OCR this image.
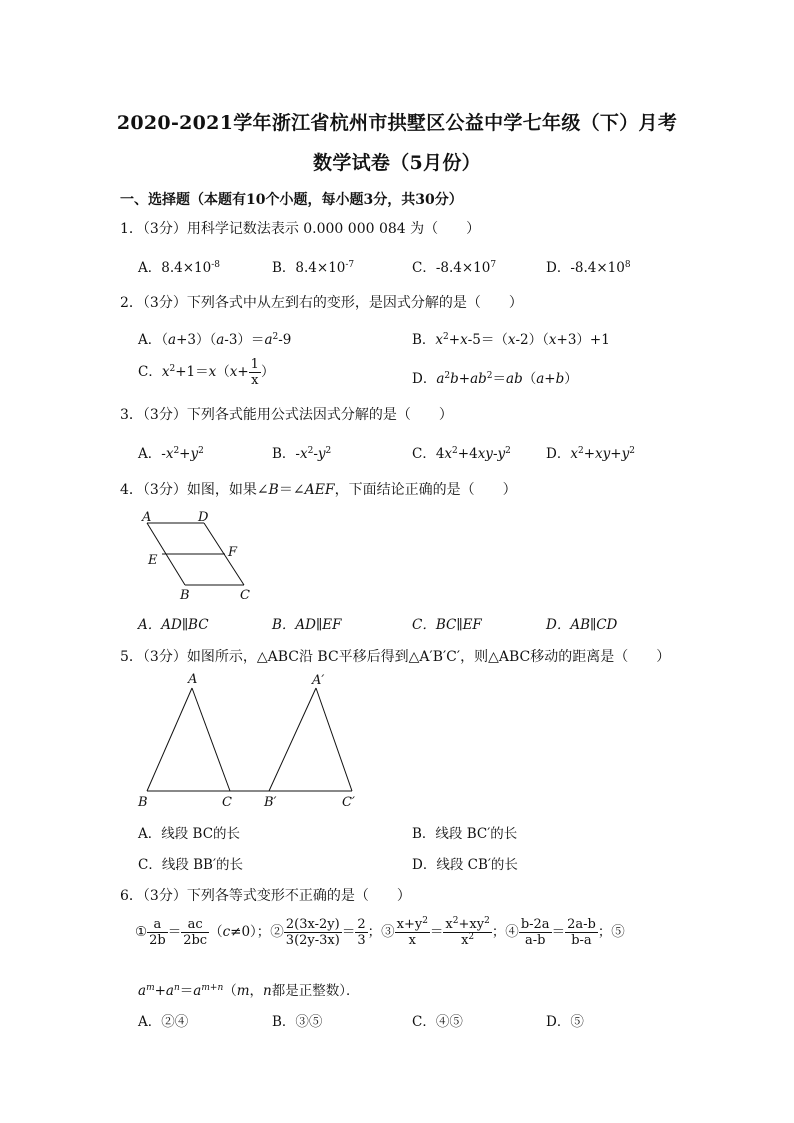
2020-2021学年浙江省杭州市拱墅区公益中学七年级（下）月考
数学试卷（5月份）
一、选择题（本题有10个小题，每小题3分，共30分）
1．（3分）用科学记数法表示 0.000 000 084 为（　　）
A．$8.4\times 10^{-8}$	B．$8.4\times 10^{-7}$	C．$-8.4\times 10^7$	D．$-8.4\times 10^8$
2．（3分）下列各式中从左到右的变形，是因式分解的是（　　）
A．$(a+3)(a-3)=a^2-9$	B．$x^2+x-5=(x-2)(x+3)+1$
C．$x^2+1=x(x+ \frac{1}{x}$ ）	D．$a^2b+ab^2=ab(a+b)$
3．（3分）下列各式能用公式法因式分解的是（　　）
A．$-x^2+y^2$	B．$-x^2-y^2$	C．$4x^2+4xy-y^2$	D．$x^2+xy+y^2$
4．（3分）如图，如果∠B＝∠AEF，下面结论正确的是（　　）
A	D
E
F
B	C
A．AD∥BC	B．AD∥EF	C．BC∥EF	D．AB∥CD
5．（3分）如图所示，△ABC沿 BC平移后得到△A′B′C′，则△ABC移动的距离是（　　）
A
B	C
A′
B′	C′
A．线段 BC的长	B．线段 BC′的长
C．线段 BB′的长	D．线段 CB′的长
6．（3分）下列各等式变形不正确的是（　　）
① $\frac{a}{2b} = \frac{ac}{2bc} (c\ne 0)$；② $\frac{2(3x-2y)}{3(2y-3x)} = \frac{2}{3}$ ；③ $\frac{x+y^2}{x} = \frac{x^2+xy^2}{x^2}$ ；④ $\frac{b-2a}{a-b} = \frac{2a-b}{b-a}$ ；⑤
$a^m+a^n=a^{m+n}(m$，n都是正整数）．
A．②④	B．③⑤	C．④⑤	D．⑤
